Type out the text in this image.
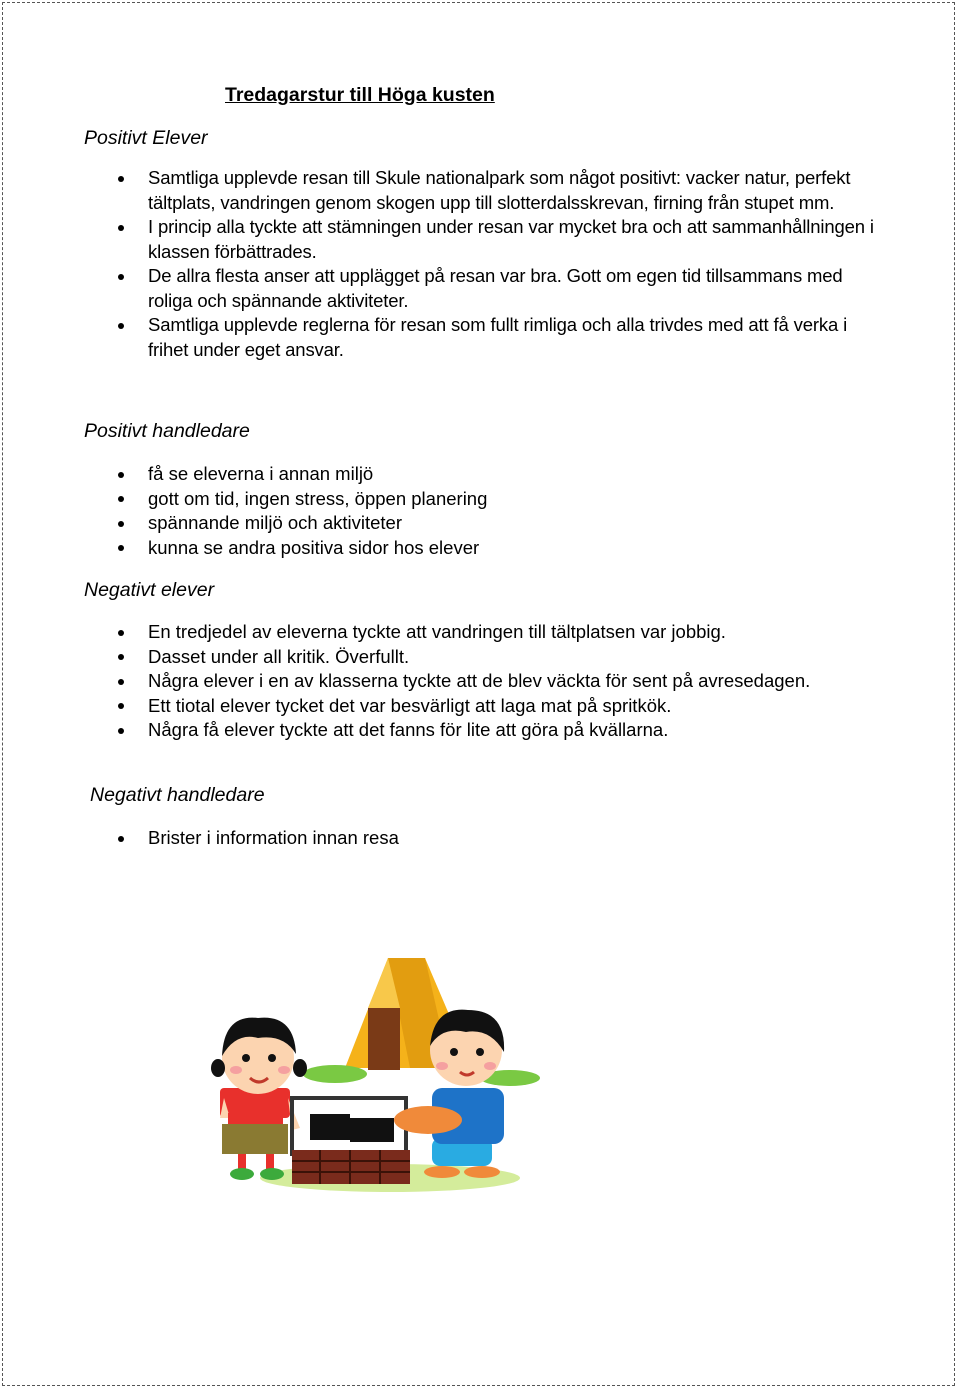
Tredagarstur till Höga kusten
Positivt Elever
Samtliga upplevde resan till Skule nationalpark som något positivt: vacker natur, perfekt tältplats, vandringen genom skogen upp till slotterdalsskrevan, firning från stupet mm.
I princip alla tyckte att stämningen under resan var mycket bra och att sammanhållningen i klassen förbättrades.
De allra flesta anser att upplägget på resan var bra. Gott om egen tid tillsammans med roliga och spännande aktiviteter.
Samtliga upplevde reglerna för resan som fullt rimliga och alla trivdes med att få verka i frihet under eget ansvar.
Positivt handledare
få se eleverna i annan miljö
gott om tid, ingen stress, öppen planering
spännande miljö och aktiviteter
kunna se andra positiva sidor hos elever
Negativt elever
En tredjedel av eleverna tyckte att vandringen till tältplatsen var jobbig.
Dasset under all kritik. Överfullt.
Några elever i en av klasserna tyckte att de blev väckta för sent på avresedagen.
Ett tiotal elever tycket det var besvärligt att laga mat på spritkök.
Några få elever tyckte att det fanns för lite att göra på kvällarna.
Negativt handledare
Brister i information innan resa
